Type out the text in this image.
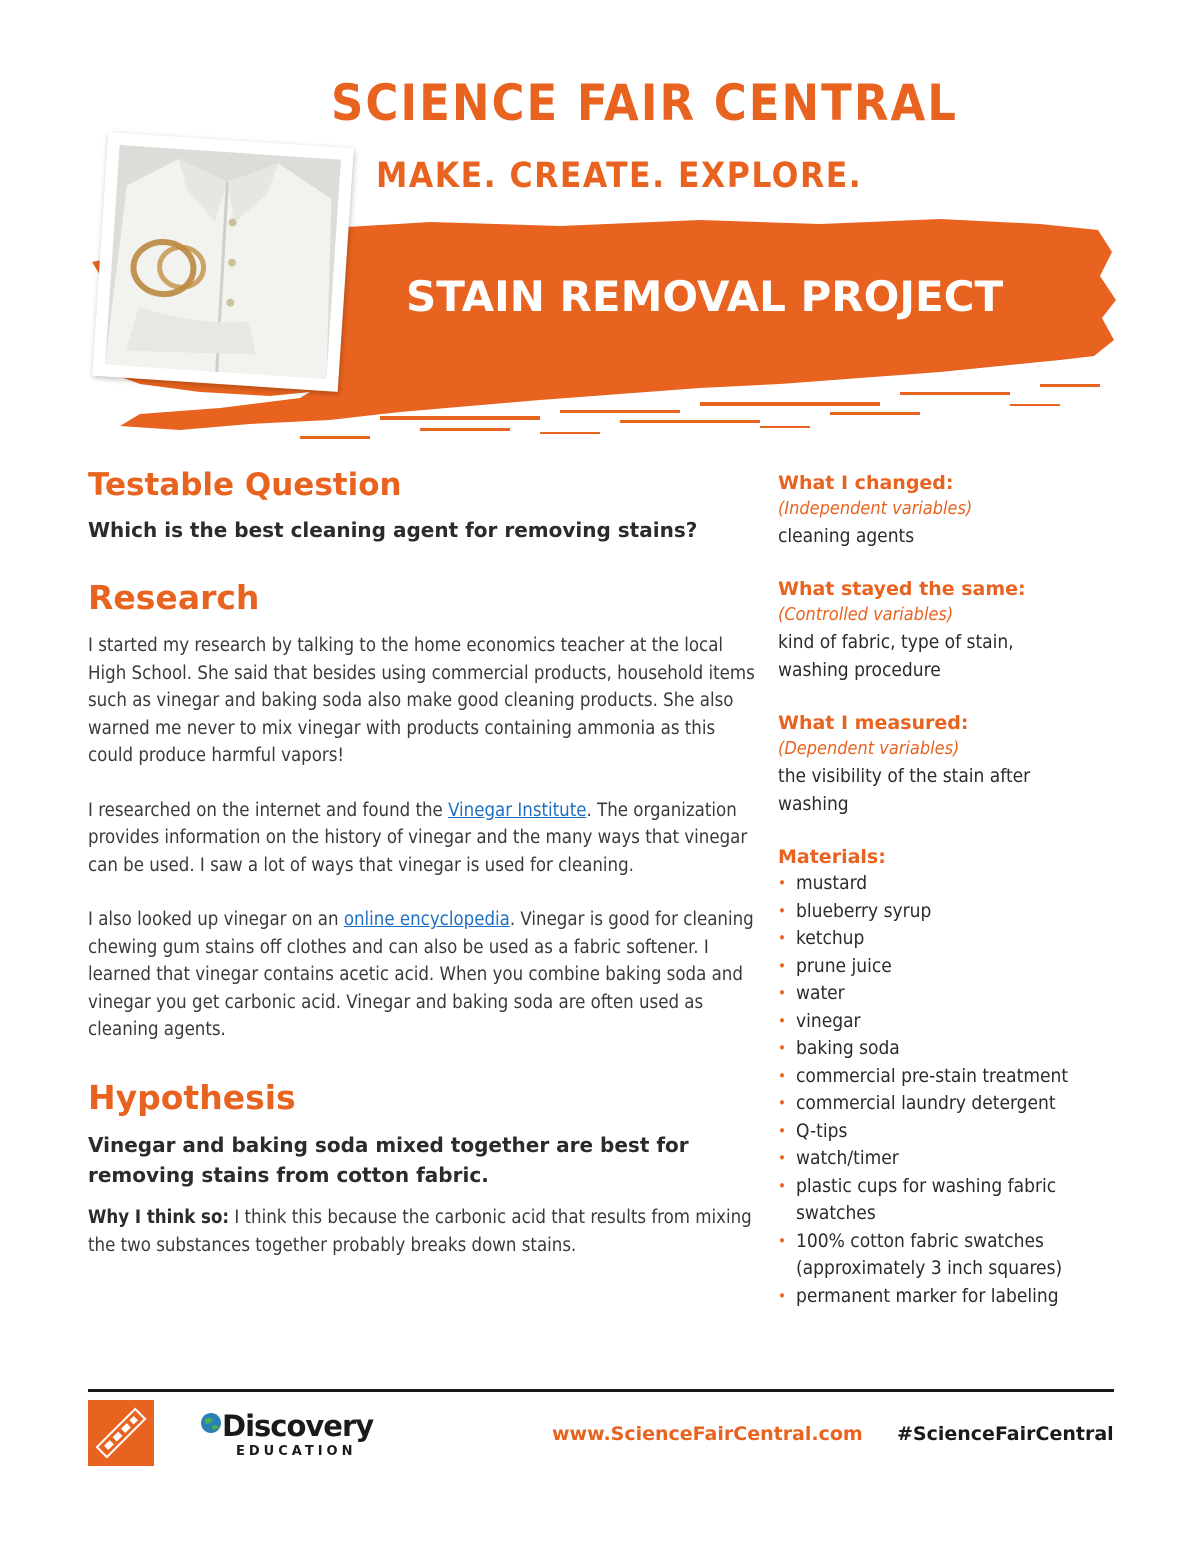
SCIENCE FAIR CENTRAL
MAKE. CREATE. EXPLORE.
STAIN REMOVAL PROJECT
Testable Question

Which is the best cleaning agent for removing stains?

Research

I started my research by talking to the home economics teacher at the local High School. She said that besides using commercial products, household items such as vinegar and baking soda also make good cleaning products. She also warned me never to mix vinegar with products containing ammonia as this could produce harmful vapors!

I researched on the internet and found the Vinegar Institute. The organization provides information on the history of vinegar and the many ways that vinegar can be used. I saw a lot of ways that vinegar is used for cleaning.

I also looked up vinegar on an online encyclopedia. Vinegar is good for cleaning chewing gum stains off clothes and can also be used as a fabric softener. I learned that vinegar contains acetic acid. When you combine baking soda and vinegar you get carbonic acid. Vinegar and baking soda are often used as cleaning agents.

Hypothesis

Vinegar and baking soda mixed together are best for removing stains from cotton fabric.

Why I think so: I think this because the carbonic acid that results from mixing the two substances together probably breaks down stains.

What I changed:

(Independent variables)

cleaning agents

What stayed the same:

(Controlled variables)

kind of fabric, type of stain, washing procedure

What I measured:

(Dependent variables)

the visibility of the stain after washing

Materials:

• mustard
• blueberry syrup
• ketchup
• prune juice
• water
• vinegar
• baking soda
• commercial pre-stain treatment
• commercial laundry detergent
• Q-tips
• watch/timer
• plastic cups for washing fabric swatches
• 100% cotton fabric swatches (approximately 3 inch squares)
• permanent marker for labeling

Discovery

EDUCATION

www.ScienceFairCentral.com #ScienceFairCentral
